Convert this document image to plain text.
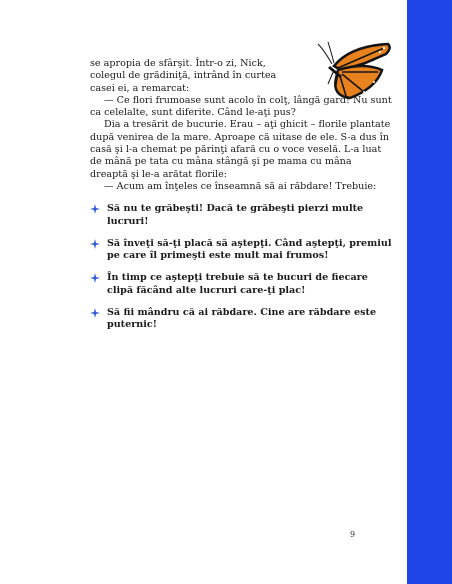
se apropia de sfârşit. Într-o zi, Nick, colegul de grădiniţă, intrând în curtea casei ei, a remarcat:

— Ce flori frumoase sunt acolo în colţ, lângă gard! Nu sunt ca celelalte, sunt diferite. Când le-aţi pus?

Dia a tresărit de bucurie. Erau – aţi ghicit – florile plantate după venirea de la mare. Aproape că uitase de ele. S-a dus în casă şi l-a chemat pe părinţi afară cu o voce veselă. L-a luat de mână pe tata cu mâna stângă şi pe mama cu mâna dreaptă şi le-a arătat florile:

— Acum am înţeles ce înseamnă să ai răbdare! Trebuie:

Să nu te grăbeşti! Dacă te grăbeşti pierzi multe lucruri!
Să înveţi să-ţi placă să aştepţi. Când aştepţi, premiul pe care îl primeşti este mult mai frumos!
În timp ce aştepţi trebuie să te bucuri de fiecare clipă făcând alte lucruri care-ţi plac!
Să fii mândru că ai răbdare. Cine are răbdare este puternic!
9
